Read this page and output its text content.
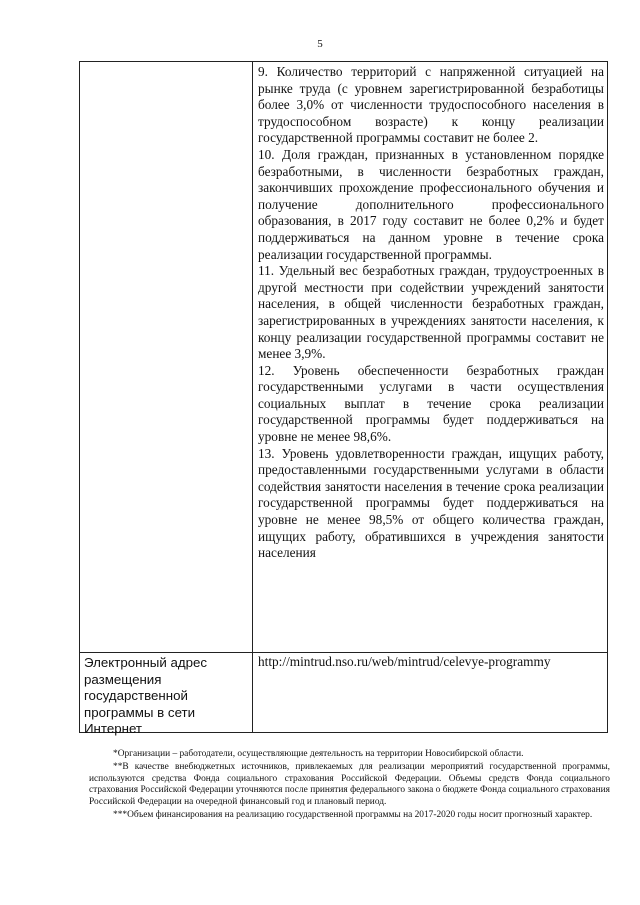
5

9. Количество территорий с напряженной ситуацией на рынке труда (с уровнем зарегистрированной безработицы более 3,0% от численности трудоспособного населения в трудоспособном возрасте) к концу реализации государственной программы составит не более 2.

10. Доля граждан, признанных в установленном порядке безработными, в численности безработных граждан, закончивших прохождение профессионального обучения и получение дополнительного профессионального образования, в 2017 году составит не более 0,2% и будет поддерживаться на данном уровне в течение срока реализации государственной программы.

11. Удельный вес безработных граждан, трудоустроенных в другой местности при содействии учреждений занятости населения, в общей численности безработных граждан, зарегистрированных в учреждениях занятости населения, к концу реализации государственной программы составит не менее 3,9%.

12. Уровень обеспеченности безработных граждан государственными услугами в части осуществления социальных выплат в течение срока реализации государственной программы будет поддерживаться на уровне не менее 98,6%.

13. Уровень удовлетворенности граждан, ищущих работу, предоставленными государственными услугами в области содействия занятости населения в течение срока реализации государственной программы будет поддерживаться на уровне не менее 98,5% от общего количества граждан, ищущих работу, обратившихся в учреждения занятости населения

Электронный адрес размещения государственной программы в сети Интернет
http://mintrud.nso.ru/web/mintrud/celevye-programmy

*Организации – работодатели, осуществляющие деятельность на территории Новосибирской области.

**В качестве внебюджетных источников, привлекаемых для реализации мероприятий государственной программы, используются средства Фонда социального страхования Российской Федерации. Объемы средств Фонда социального страхования Российской Федерации уточняются после принятия федерального закона о бюджете Фонда социального страхования Российской Федерации на очередной финансовый год и плановый период.

***Объем финансирования на реализацию государственной программы на 2017-2020 годы носит прогнозный характер.
